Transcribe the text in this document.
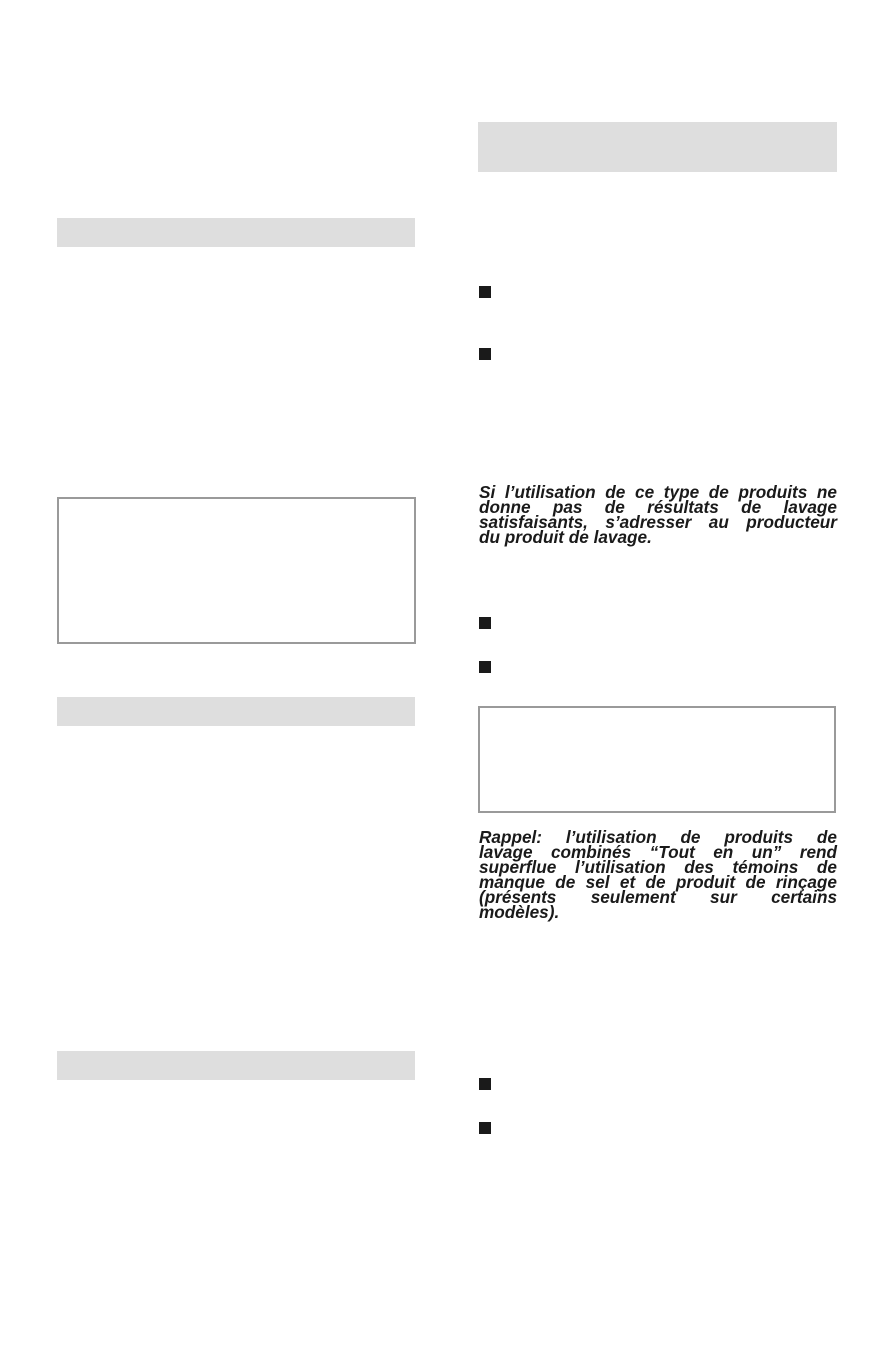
Si l’utilisation de ce type de produits ne
donne pas de résultats de lavage
satisfaisants, s’adresser au producteur
du produit de lavage.
Rappel: l’utilisation de produits de
lavage combinés “Tout en un” rend
superflue l’utilisation des témoins de
manque de sel et de produit de rinçage
(présents seulement sur certains
modèles).
